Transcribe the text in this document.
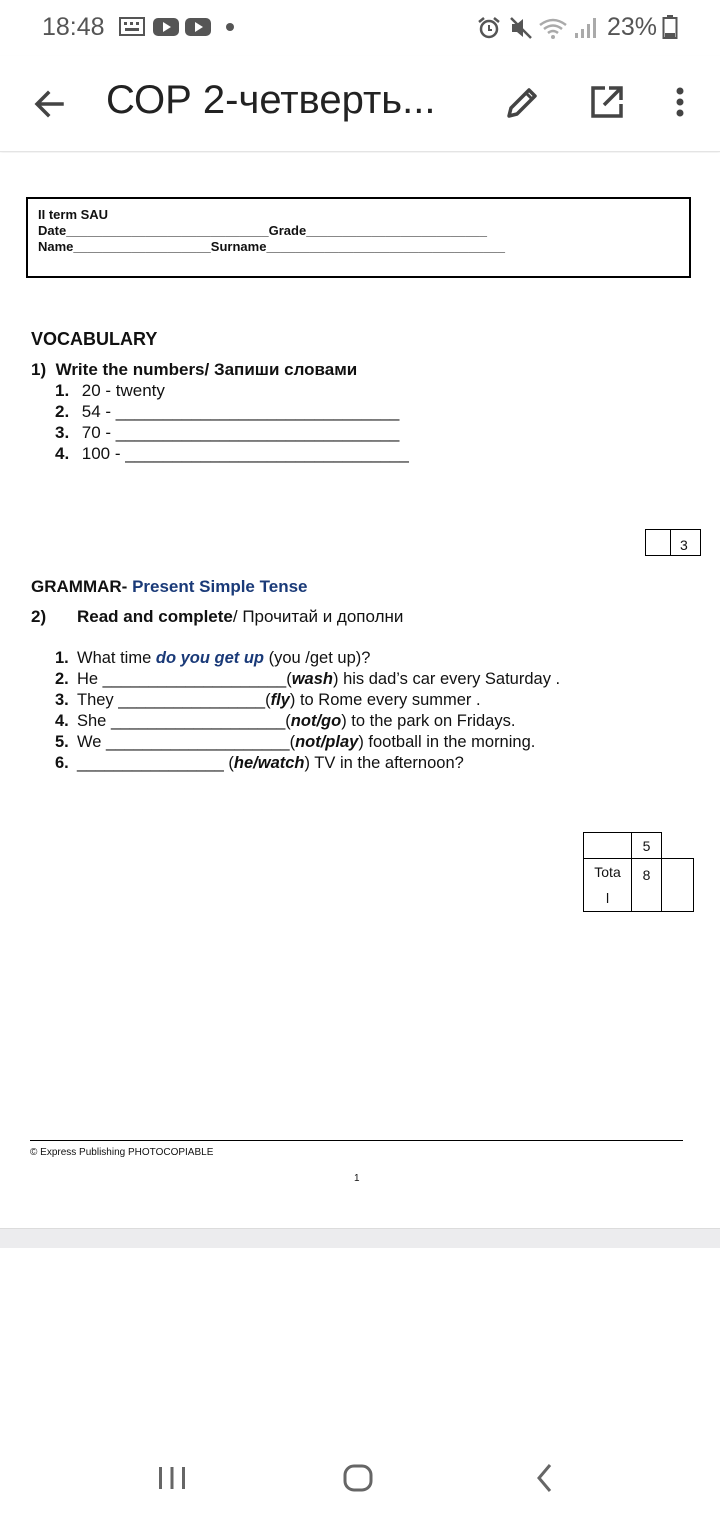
18:48	23%
СОР 2-четверть...
II term SAU
Date____________________________Grade_________________________
Name___________________Surname_________________________________
VOCABULARY
1) Write the numbers/ Запиши словами
1. 20 - twenty
2. 54 - ______________________________
3. 70 - ______________________________
4. 100 - ______________________________
3
GRAMMAR- Present Simple Tense
2) Read and complete/ Прочитай и дополни
1. What time do you get up (you /get up)?
2. He ____________________(wash) his dad’s car every Saturday .
3. They ________________(fly) to Rome every summer .
4. She ___________________(not/go) to the park on Fridays.
5. We ____________________(not/play) football in the morning.
6. ________________ (he/watch) TV in the afternoon?
	5	
Tota
l	8	
© Express Publishing PHOTOCOPIABLE
1
